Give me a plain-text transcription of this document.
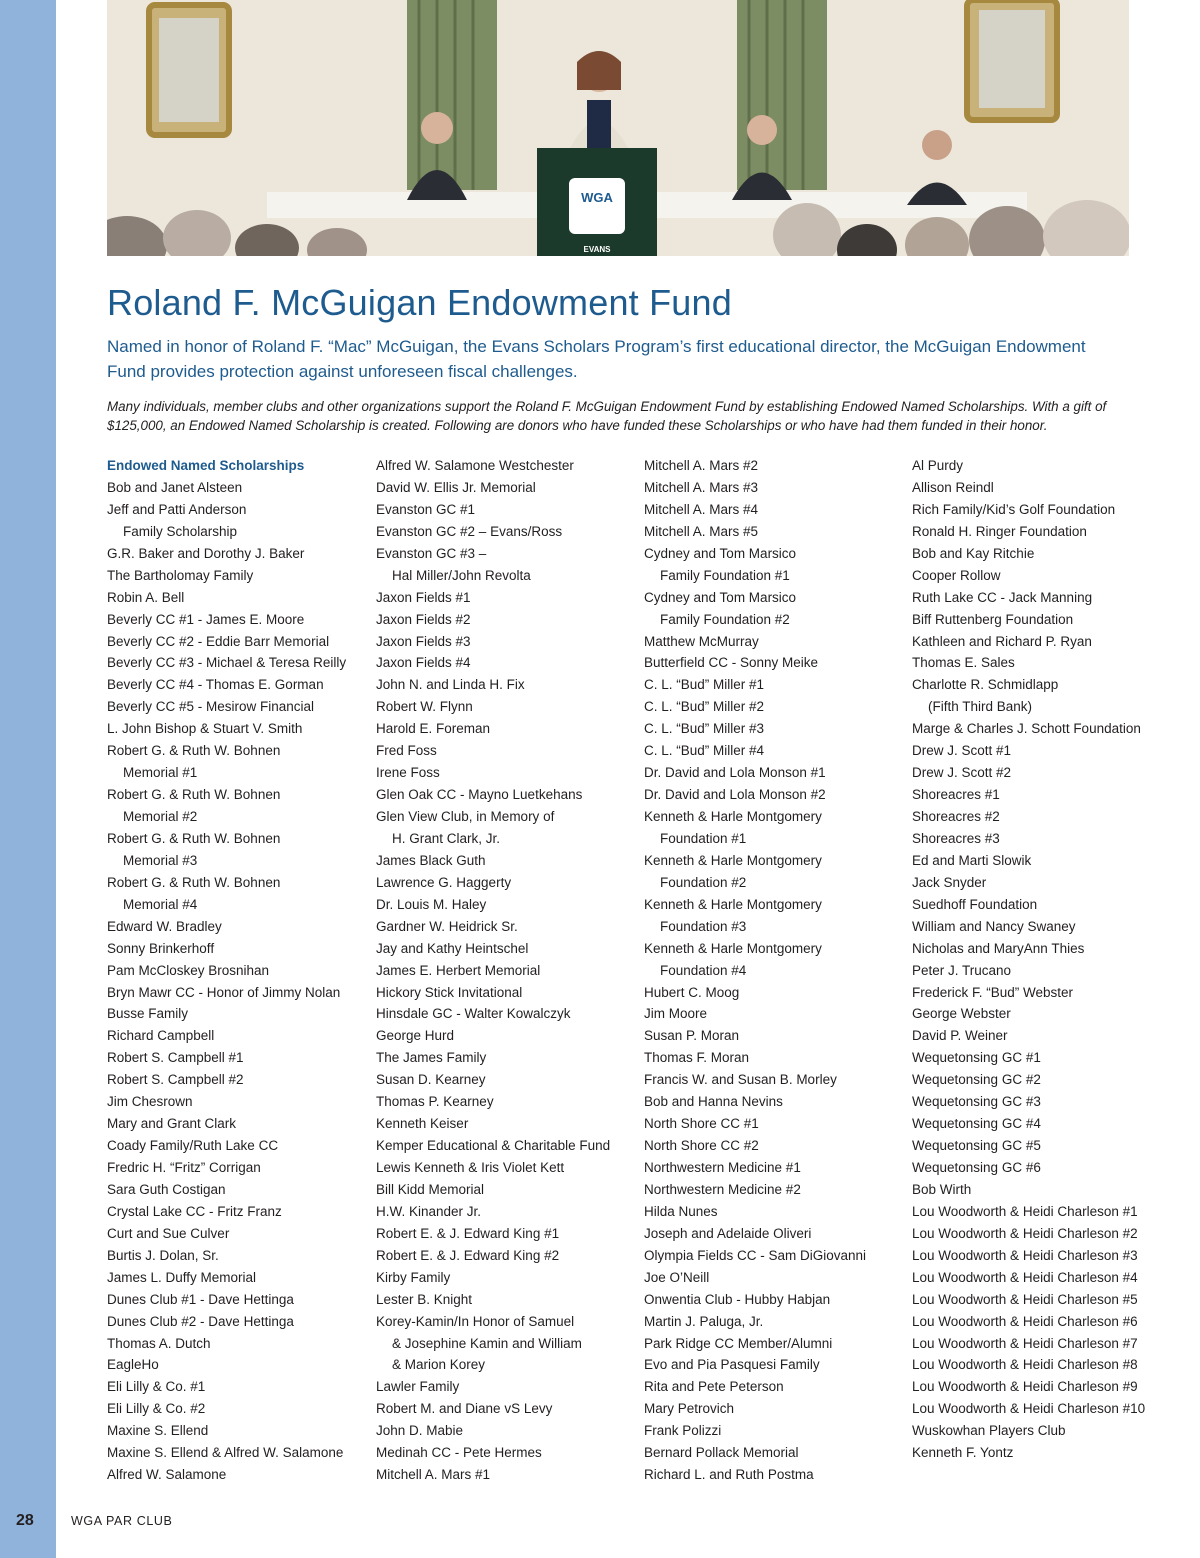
WGA
EVANS
Roland F. McGuigan Endowment Fund

Named in honor of Roland F. “Mac” McGuigan, the Evans Scholars Program’s first educational director, the McGuigan Endowment Fund provides protection against unforeseen fiscal challenges.

Many individuals, member clubs and other organizations support the Roland F. McGuigan Endowment Fund by establishing Endowed Named Scholarships. With a gift of $125,000, an Endowed Named Scholarship is created. Following are donors who have funded these Scholarships or who have had them funded in their honor.

Endowed Named Scholarships
Bob and Janet Alsteen
Jeff and Patti Anderson
Family Scholarship
G.R. Baker and Dorothy J. Baker
The Bartholomay Family
Robin A. Bell
Beverly CC #1 - James E. Moore
Beverly CC #2 - Eddie Barr Memorial
Beverly CC #3 - Michael & Teresa Reilly
Beverly CC #4 - Thomas E. Gorman
Beverly CC #5 - Mesirow Financial
L. John Bishop & Stuart V. Smith
Robert G. & Ruth W. Bohnen
Memorial #1
Robert G. & Ruth W. Bohnen
Memorial #2
Robert G. & Ruth W. Bohnen
Memorial #3
Robert G. & Ruth W. Bohnen
Memorial #4
Edward W. Bradley
Sonny Brinkerhoff
Pam McCloskey Brosnihan
Bryn Mawr CC - Honor of Jimmy Nolan
Busse Family
Richard Campbell
Robert S. Campbell #1
Robert S. Campbell #2
Jim Chesrown
Mary and Grant Clark
Coady Family/Ruth Lake CC
Fredric H. “Fritz” Corrigan
Sara Guth Costigan
Crystal Lake CC - Fritz Franz
Curt and Sue Culver
Burtis J. Dolan, Sr.
James L. Duffy Memorial
Dunes Club #1 - Dave Hettinga
Dunes Club #2 - Dave Hettinga
Thomas A. Dutch
EagleHo
Eli Lilly & Co. #1
Eli Lilly & Co. #2
Maxine S. Ellend
Maxine S. Ellend & Alfred W. Salamone
Alfred W. Salamone
Alfred W. Salamone Westchester
David W. Ellis Jr. Memorial
Evanston GC #1
Evanston GC #2 – Evans/Ross
Evanston GC #3 –
Hal Miller/John Revolta
Jaxon Fields #1
Jaxon Fields #2
Jaxon Fields #3
Jaxon Fields #4
John N. and Linda H. Fix
Robert W. Flynn
Harold E. Foreman
Fred Foss
Irene Foss
Glen Oak CC - Mayno Luetkehans
Glen View Club, in Memory of
H. Grant Clark, Jr.
James Black Guth
Lawrence G. Haggerty
Dr. Louis M. Haley
Gardner W. Heidrick Sr.
Jay and Kathy Heintschel
James E. Herbert Memorial
Hickory Stick Invitational
Hinsdale GC - Walter Kowalczyk
George Hurd
The James Family
Susan D. Kearney
Thomas P. Kearney
Kenneth Keiser
Kemper Educational & Charitable Fund
Lewis Kenneth & Iris Violet Kett
Bill Kidd Memorial
H.W. Kinander Jr.
Robert E. & J. Edward King #1
Robert E. & J. Edward King #2
Kirby Family
Lester B. Knight
Korey-Kamin/In Honor of Samuel
& Josephine Kamin and William
& Marion Korey
Lawler Family
Robert M. and Diane vS Levy
John D. Mabie
Medinah CC - Pete Hermes
Mitchell A. Mars #1
Mitchell A. Mars #2
Mitchell A. Mars #3
Mitchell A. Mars #4
Mitchell A. Mars #5
Cydney and Tom Marsico
Family Foundation #1
Cydney and Tom Marsico
Family Foundation #2
Matthew McMurray
Butterfield CC - Sonny Meike
C. L. “Bud” Miller #1
C. L. “Bud” Miller #2
C. L. “Bud” Miller #3
C. L. “Bud” Miller #4
Dr. David and Lola Monson #1
Dr. David and Lola Monson #2
Kenneth & Harle Montgomery
Foundation #1
Kenneth & Harle Montgomery
Foundation #2
Kenneth & Harle Montgomery
Foundation #3
Kenneth & Harle Montgomery
Foundation #4
Hubert C. Moog
Jim Moore
Susan P. Moran
Thomas F. Moran
Francis W. and Susan B. Morley
Bob and Hanna Nevins
North Shore CC #1
North Shore CC #2
Northwestern Medicine #1
Northwestern Medicine #2
Hilda Nunes
Joseph and Adelaide Oliveri
Olympia Fields CC - Sam DiGiovanni
Joe O’Neill
Onwentia Club - Hubby Habjan
Martin J. Paluga, Jr.
Park Ridge CC Member/Alumni
Evo and Pia Pasquesi Family
Rita and Pete Peterson
Mary Petrovich
Frank Polizzi
Bernard Pollack Memorial
Richard L. and Ruth Postma
Al Purdy
Allison Reindl
Rich Family/Kid’s Golf Foundation
Ronald H. Ringer Foundation
Bob and Kay Ritchie
Cooper Rollow
Ruth Lake CC - Jack Manning
Biff Ruttenberg Foundation
Kathleen and Richard P. Ryan
Thomas E. Sales
Charlotte R. Schmidlapp
(Fifth Third Bank)
Marge & Charles J. Schott Foundation
Drew J. Scott #1
Drew J. Scott #2
Shoreacres #1
Shoreacres #2
Shoreacres #3
Ed and Marti Slowik
Jack Snyder
Suedhoff Foundation
William and Nancy Swaney
Nicholas and MaryAnn Thies
Peter J. Trucano
Frederick F. “Bud” Webster
George Webster
David P. Weiner
Wequetonsing GC #1
Wequetonsing GC #2
Wequetonsing GC #3
Wequetonsing GC #4
Wequetonsing GC #5
Wequetonsing GC #6
Bob Wirth
Lou Woodworth & Heidi Charleson #1
Lou Woodworth & Heidi Charleson #2
Lou Woodworth & Heidi Charleson #3
Lou Woodworth & Heidi Charleson #4
Lou Woodworth & Heidi Charleson #5
Lou Woodworth & Heidi Charleson #6
Lou Woodworth & Heidi Charleson #7
Lou Woodworth & Heidi Charleson #8
Lou Woodworth & Heidi Charleson #9
Lou Woodworth & Heidi Charleson #10
Wuskowhan Players Club
Kenneth F. Yontz
28	WGA PAR CLUB
